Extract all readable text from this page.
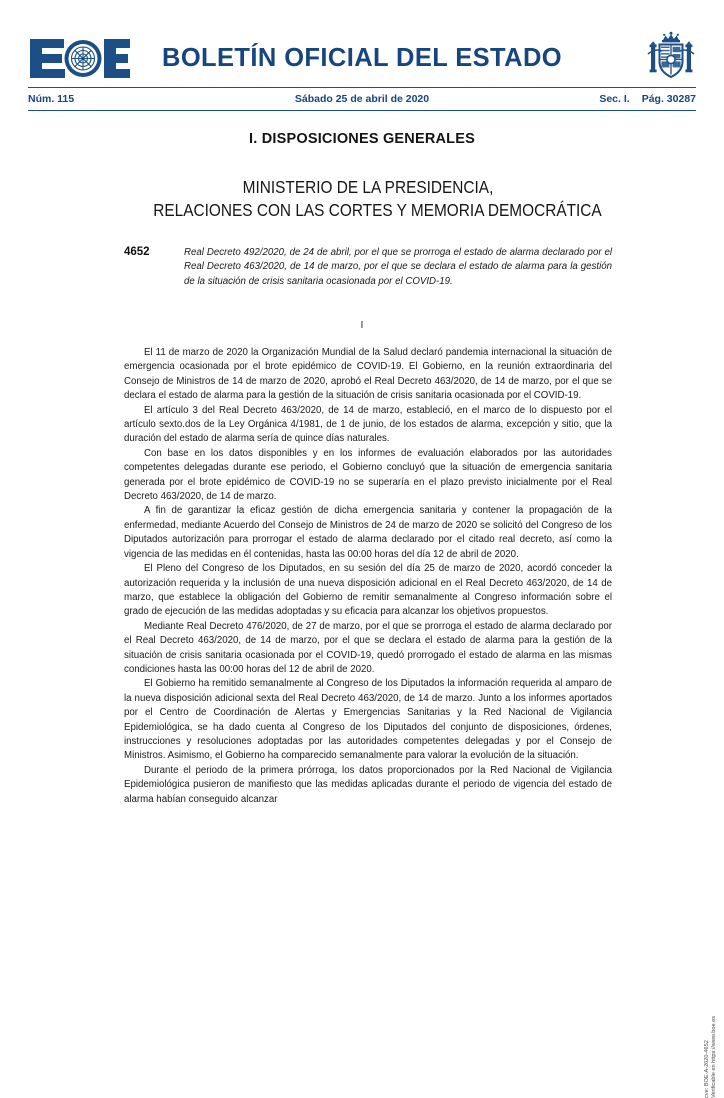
BOLETÍN OFICIAL DEL ESTADO
Núm. 115	Sábado 25 de abril de 2020	Sec. I. Pág. 30287
I. DISPOSICIONES GENERALES
MINISTERIO DE LA PRESIDENCIA,
RELACIONES CON LAS CORTES Y MEMORIA DEMOCRÁTICA
4652	Real Decreto 492/2020, de 24 de abril, por el que se prorroga el estado de alarma declarado por el Real Decreto 463/2020, de 14 de marzo, por el que se declara el estado de alarma para la gestión de la situación de crisis sanitaria ocasionada por el COVID-19.
I

El 11 de marzo de 2020 la Organización Mundial de la Salud declaró pandemia internacional la situación de emergencia ocasionada por el brote epidémico de COVID-19. El Gobierno, en la reunión extraordinaria del Consejo de Ministros de 14 de marzo de 2020, aprobó el Real Decreto 463/2020, de 14 de marzo, por el que se declara el estado de alarma para la gestión de la situación de crisis sanitaria ocasionada por el COVID-19.

El artículo 3 del Real Decreto 463/2020, de 14 de marzo, estableció, en el marco de lo dispuesto por el artículo sexto.dos de la Ley Orgánica 4/1981, de 1 de junio, de los estados de alarma, excepción y sitio, que la duración del estado de alarma sería de quince días naturales.

Con base en los datos disponibles y en los informes de evaluación elaborados por las autoridades competentes delegadas durante ese periodo, el Gobierno concluyó que la situación de emergencia sanitaria generada por el brote epidémico de COVID-19 no se superaría en el plazo previsto inicialmente por el Real Decreto 463/2020, de 14 de marzo.

A fin de garantizar la eficaz gestión de dicha emergencia sanitaria y contener la propagación de la enfermedad, mediante Acuerdo del Consejo de Ministros de 24 de marzo de 2020 se solicitó del Congreso de los Diputados autorización para prorrogar el estado de alarma declarado por el citado real decreto, así como la vigencia de las medidas en él contenidas, hasta las 00:00 horas del día 12 de abril de 2020.

El Pleno del Congreso de los Diputados, en su sesión del día 25 de marzo de 2020, acordó conceder la autorización requerida y la inclusión de una nueva disposición adicional en el Real Decreto 463/2020, de 14 de marzo, que establece la obligación del Gobierno de remitir semanalmente al Congreso información sobre el grado de ejecución de las medidas adoptadas y su eficacia para alcanzar los objetivos propuestos.

Mediante Real Decreto 476/2020, de 27 de marzo, por el que se prorroga el estado de alarma declarado por el Real Decreto 463/2020, de 14 de marzo, por el que se declara el estado de alarma para la gestión de la situación de crisis sanitaria ocasionada por el COVID-19, quedó prorrogado el estado de alarma en las mismas condiciones hasta las 00:00 horas del 12 de abril de 2020.

El Gobierno ha remitido semanalmente al Congreso de los Diputados la información requerida al amparo de la nueva disposición adicional sexta del Real Decreto 463/2020, de 14 de marzo. Junto a los informes aportados por el Centro de Coordinación de Alertas y Emergencias Sanitarias y la Red Nacional de Vigilancia Epidemiológica, se ha dado cuenta al Congreso de los Diputados del conjunto de disposiciones, órdenes, instrucciones y resoluciones adoptadas por las autoridades competentes delegadas y por el Consejo de Ministros. Asimismo, el Gobierno ha comparecido semanalmente para valorar la evolución de la situación.

Durante el periodo de la primera prórroga, los datos proporcionados por la Red Nacional de Vigilancia Epidemiológica pusieron de manifiesto que las medidas aplicadas durante el periodo de vigencia del estado de alarma habían conseguido alcanzar

cve: BOE-A-2020-4652 Verificable en https://www.boe.es
